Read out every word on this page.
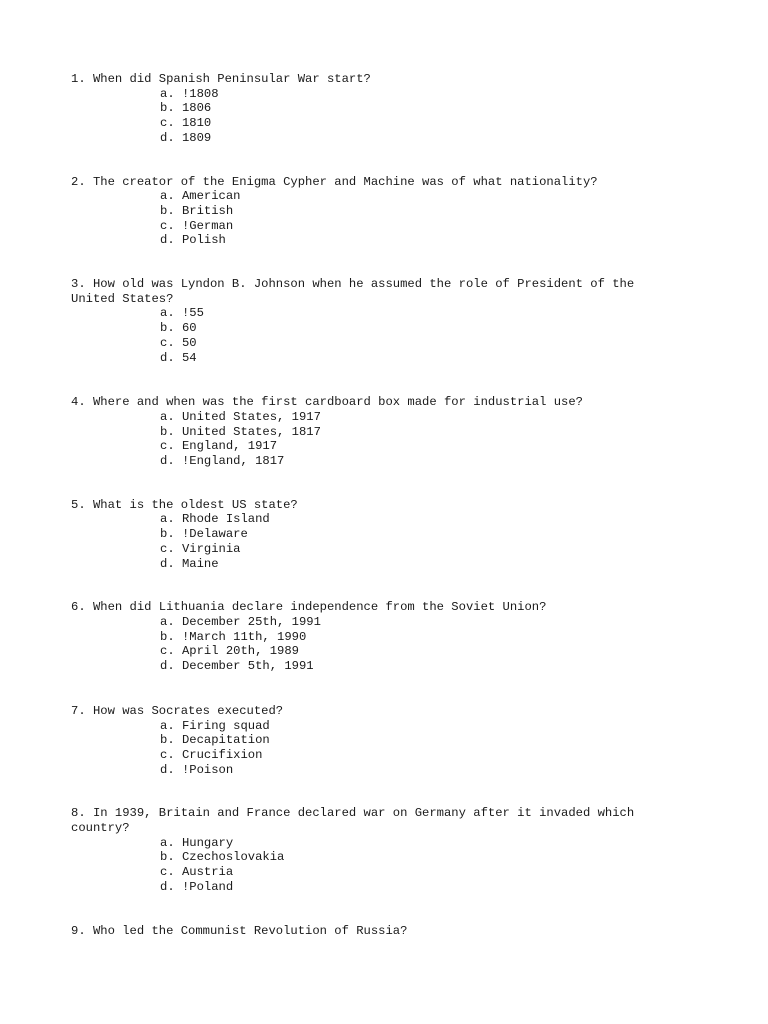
1. When did Spanish Peninsular War start?
a. !1808
b. 1806
c. 1810
d. 1809
2. The creator of the Enigma Cypher and Machine was of what nationality?
a. American
b. British
c. !German
d. Polish
3. How old was Lyndon B. Johnson when he assumed the role of President of the United States?
a. !55
b. 60
c. 50
d. 54
4. Where and when was the first cardboard box made for industrial use?
a. United States, 1917
b. United States, 1817
c. England, 1917
d. !England, 1817
5. What is the oldest US state?
a. Rhode Island
b. !Delaware
c. Virginia
d. Maine
6. When did Lithuania declare independence from the Soviet Union?
a. December 25th, 1991
b. !March 11th, 1990
c. April 20th, 1989
d. December 5th, 1991
7. How was Socrates executed?
a. Firing squad
b. Decapitation
c. Crucifixion
d. !Poison
8. In 1939, Britain and France declared war on Germany after it invaded which country?
a. Hungary
b. Czechoslovakia
c. Austria
d. !Poland
9. Who led the Communist Revolution of Russia?
